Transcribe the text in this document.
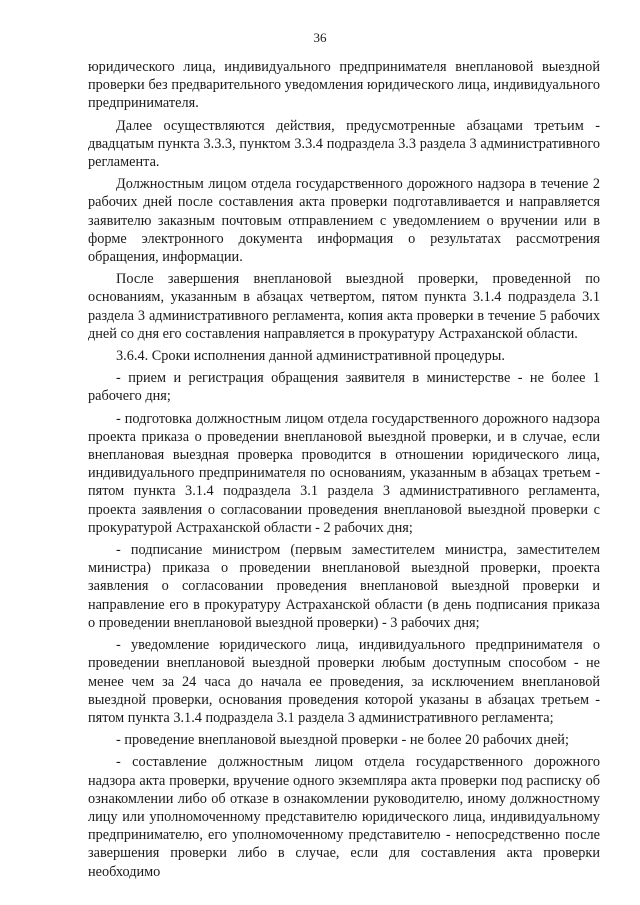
36

юридического лица, индивидуального предпринимателя внеплановой выездной проверки без предварительного уведомления юридического лица, индивидуального предпринимателя.

Далее осуществляются действия, предусмотренные абзацами третьим - двадцатым пункта 3.3.3, пунктом 3.3.4 подраздела 3.3 раздела 3 административного регламента.

Должностным лицом отдела государственного дорожного надзора в течение 2 рабочих дней после составления акта проверки подготавливается и направляется заявителю заказным почтовым отправлением с уведомлением о вручении или в форме электронного документа информация о результатах рассмотрения обращения, информации.

После завершения внеплановой выездной проверки, проведенной по основаниям, указанным в абзацах четвертом, пятом пункта 3.1.4 подраздела 3.1 раздела 3 административного регламента, копия акта проверки в течение 5 рабочих дней со дня его составления направляется в прокуратуру Астраханской области.

3.6.4. Сроки исполнения данной административной процедуры.

- прием и регистрация обращения заявителя в министерстве - не более 1 рабочего дня;

- подготовка должностным лицом отдела государственного дорожного надзора проекта приказа о проведении внеплановой выездной проверки, и в случае, если внеплановая выездная проверка проводится в отношении юридического лица, индивидуального предпринимателя по основаниям, указанным в абзацах третьем - пятом пункта 3.1.4 подраздела 3.1 раздела 3 административного регламента, проекта заявления о согласовании проведения внеплановой выездной проверки с прокуратурой Астраханской области - 2 рабочих дня;

- подписание министром (первым заместителем министра, заместителем министра) приказа о проведении внеплановой выездной проверки, проекта заявления о согласовании проведения внеплановой выездной проверки и направление его в прокуратуру Астраханской области (в день подписания приказа о проведении внеплановой выездной проверки) - 3 рабочих дня;

- уведомление юридического лица, индивидуального предпринимателя о проведении внеплановой выездной проверки любым доступным способом - не менее чем за 24 часа до начала ее проведения, за исключением внеплановой выездной проверки, основания проведения которой указаны в абзацах третьем - пятом пункта 3.1.4 подраздела 3.1 раздела 3 административного регламента;

- проведение внеплановой выездной проверки - не более 20 рабочих дней;

- составление должностным лицом отдела государственного дорожного надзора акта проверки, вручение одного экземпляра акта проверки под расписку об ознакомлении либо об отказе в ознакомлении руководителю, иному должностному лицу или уполномоченному представителю юридического лица, индивидуальному предпринимателю, его уполномоченному представителю - непосредственно после завершения проверки либо в случае, если для составления акта проверки необходимо
